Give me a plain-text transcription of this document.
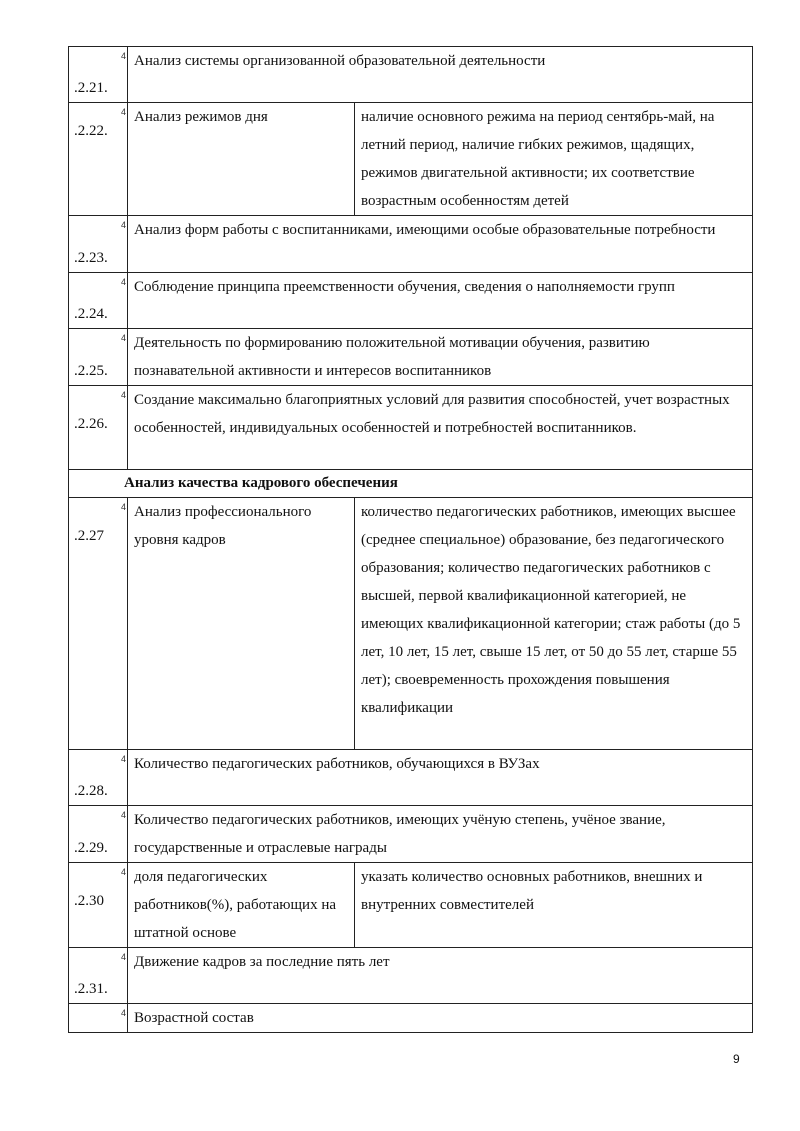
4
.2.21.	Анализ системы организованной образовательной деятельности	

4
.2.22.	Анализ режимов дня	наличие основного режима на период сентябрь-май, на летний период, наличие гибких режимов, щадящих, режимов двигательной активности; их соответствие возрастным особенностям детей

4
.2.23.	Анализ форм работы с воспитанниками, имеющими особые образовательные потребности	

4
.2.24.	Соблюдение принципа преемственности обучения, сведения о наполняемости групп	

4
.2.25.	Деятельность по формированию положительной мотивации обучения, развитию познавательной активности и интересов воспитанников	

4
.2.26.	Создание максимально благоприятных условий для развития способностей, учет возрастных особенностей, индивидуальных особенностей и потребностей воспитанников.	

Анализ качества кадрового обеспечения		

4
.2.27	Анализ профессионального уровня кадров	количество педагогических работников, имеющих высшее (среднее специальное) образование, без педагогического образования; количество педагогических работников с высшей, первой квалификационной категорией, не имеющих квалификационной категории; стаж работы (до 5 лет, 10 лет, 15 лет, свыше 15 лет, от 50 до 55 лет, старше 55 лет); своевременность прохождения повышения квалификации

4
.2.28.	Количество педагогических работников, обучающихся в ВУЗах	

4
.2.29.	Количество педагогических работников, имеющих учёную степень, учёное звание, государственные и отраслевые награды	

4
.2.30	доля педагогических работников(%), работающих на штатной основе	указать количество основных работников, внешних и внутренних совместителей

4
.2.31.	Движение кадров за последние пять лет	

4	Возрастной состав	
9
